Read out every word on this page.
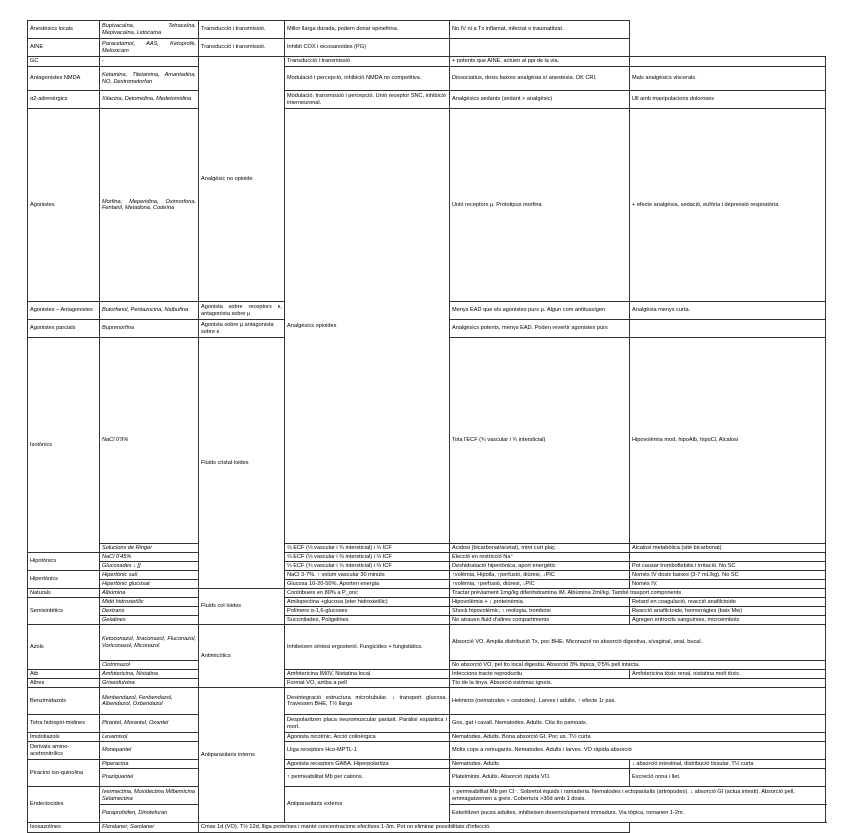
Anestèsics locals	Bupivacaïna, Tetracaïna, Mepivacaïna, Lidocaïna	Transducció i transmissió.	Millor llarga durada, podem donar epinefrina.	No IV ni a Tx inflamat, infectat o traumatitzat.		
AINE	Paracetamol, AAS, Ketoprofè, Meloxicam	Transducció i transmissió.	Inhibit COX i eicosanoides (PG)			
GC	-	Analgèsic no opioide	Transducció i transmissió	+ potents que AINE, actuen al ppi de la via.		
Antagonistes NMDA	Ketamina, Tiletamina, Amantadina, NO, Dextrometorfan		Modulació i percepció, inhibició NMDA no competitiva.	Dissociatius, dosis baixes analgèsia s/ anestesia. OK CRI.	Mals analgèsics viscerals.	
α2-adrenèrgics	Xilacina, Detomidina, Medetomidina		Modulació, transmissió i percepció. Unió receptor SNC, inhibició interneuronal.	Analgèsics sedants (sedant > analgèsic)	Ull amb manipulacions doloroses	
Agonistes	Morfina, Meperidina, Oximorfona, Fentanil, Metadona, Codeïna		Analgèsics opioides	Unió receptors μ. Prototipus morfina	+ efecte analgèsia, sedació, eufòria i depressió respiratòria.	
Agonistes – Antagonistes	Butorfanol, Pentazocina, Nalbufina	Agonista sobre receptors κ, antagonista sobre μ		Menys EAD que els agonistes purs μ. Algun com antitussígen	Analgèsia menys curta.	
Agonistes parcials	Buprenorfina	Agonista sobre μ antagonista sobre κ		Analgèsics potents, menys EAD. Poden revertir agonistes purs		
Isotònics	NaCl 0'9%	Fluids cristal·loides		Tota l'ECF (¾ vascular i ¾ intersticial)	Hipovolèmia mod, hipoAlb, hipoCl, Alcalosi	
	Solucions de Ringer		⅔ ECF (⅓ vascular i ¾ intersticial) i ⅓ ICF	Acidosi (bicarbonat/acetat), mtnt curt plaç	Alcalosi metabòlica (sitè bicarbonat)	
Hipotònics	NaCl 0'45%		⅔ ECF (⅓ vascular i ⅔ intersticial) i ⅓ ICF	Elecció en restricció Na⁺		
	Glucosades ↓ []		⅓ ECF (¾ vascular i ¼ intersticial) i ⅔ ICF	Deshidratació hipertònica, aport energètic	Pot causar tromboflebitis i irritació. No SC	
Hipertònics	Hipertònic salí		NaCl 3-7%. ↑ volum vascular 30 minuts	↑volèmia, Hipolla, ↑perfusió, diüresi, ↓PIC	Només IV dosis baixes (3-7 mL/kg). No SC	
	Hipertònic glucosat		Glucosa 10-20-50%. Aporten energia	↑volèmia, ↑perfusió, diüresi, ↓PIC	Només IV.	
Naturals	Albúmina	Fluids col·loides	Contribueix en 80% a P_onc	Tractar prèviament 1mg/kg difenhidramina IM. Albúmina 2ml/kg. També trasport components		
Semisintètics	Midó hidroxietílic		Amilopectina +glucosa (eter hidroxietílic)	Hipovolèmia + ↓ proteinèmia.	Retard en coagulació, reacció anafilctoide	
	Dextrans		Polímers α-1,6-glucoses	Shock hipovolèmic, ↑ reologia, trombosi	Reacció anafilctoide, hemorràgies (baix Mw)	
	Gelatines		Succinilades, Poligelines	No atrauen fluid d'altres compartiments	Agregen eritrocits sanguínies, microèmbols	
Azols	Ketoconazol, Itraconazol, Fluconazol, Voriconazol, Miconazol	Antimicòtics	Inhibeixen síntesi ergosterol. Fungicides + fungistàtics.	Absorció VO. Amplia distribució Tx, poc BHE. Miconazol no absorció digestiva, s/vaginal, anal, bucal.		
	Clotrimazol			No absorció VO, pel tto local digestiu. Absorció 3% tòpica, 0'5% pell intacta.		
Atb	Amfotericina, Nistatina		Amfotericina IM/IV, Nistatina local.	Infeccions tracte reproductiu	Amfotericina tòxic renal, nistatina molt tòxic.	
Altres	Griseofulvina		Format VO, arriba a pell	Tto de la tinya. Absorció estómac igneix.		
Benzimidazols	Menbendazol, Fenbendazol, Albendazol, Oxbendazol	Antiparasitaris interns	Desintegració estructura microtubular. ↓ transport glucosa. Travessen BHE, T½ llarga	Helmints (nematodes > cestodes). Larves i adults. ↑ efecte 1r pas.		
Tetra hidropiri-midines	Pirantel, Morantel, Oxantel		Despolaritzen placa neuromuscular paràsit. Paràlisi espàstica i mort.	Gos, gat i cavall. Nematodes. Adults. Cita tto pamoats.		
Imidotiazols	Levamisol		Agonista nicotínic. Acció colinèrgica	Nematodes. Adults. Bona absorció GI. Poc us. T½ curta		
Derivats amino-acetronitrílics	Monepantel		Lliga receptors Hco-MPTL-1	Molts cops a remugants. Nematodes. Adults i larves. VO ràpida absorció		
Piracino iso-quinolina	Piperacina		Agonista receptors GABA. Hiperpolarítza	Nematodes. Adults	↓ absorció intestinal, distribució tissular. T½ curta	
	Praziquantel		↑ permeabilitat Mb per cations.	Platelmints. Adults. Absorció ràpida VO.	Excreció orina i llet.	
Endectocides	Ivermectina, Moxidectina Milbemicina Selamectina		Antiparasitaris externs	↑ permeabilitat Mb per Cl⁻. Sobretot èquids i ramaderia. Nematodes i ectoparàsits (artròpodes). ↓ absorció GI (actua intesti). Absorció pell, emmagatzemen a greix. Cobertura >30d amb 1 dosis.		
	Paraprofxifen, Dinotefuran			Esterilitzen puces adultes, inhibeixen desenvolupament immadurs. Via tòpica, romanen 1-2m.		
Isoxazolines	Fluralaner, Sarolaner	Cmax 1d (VO). T½ 12d, lliga proteïnes i manté concentracions efectives 1-3m. Pot no eliminar possibilitats d'infecció.				
